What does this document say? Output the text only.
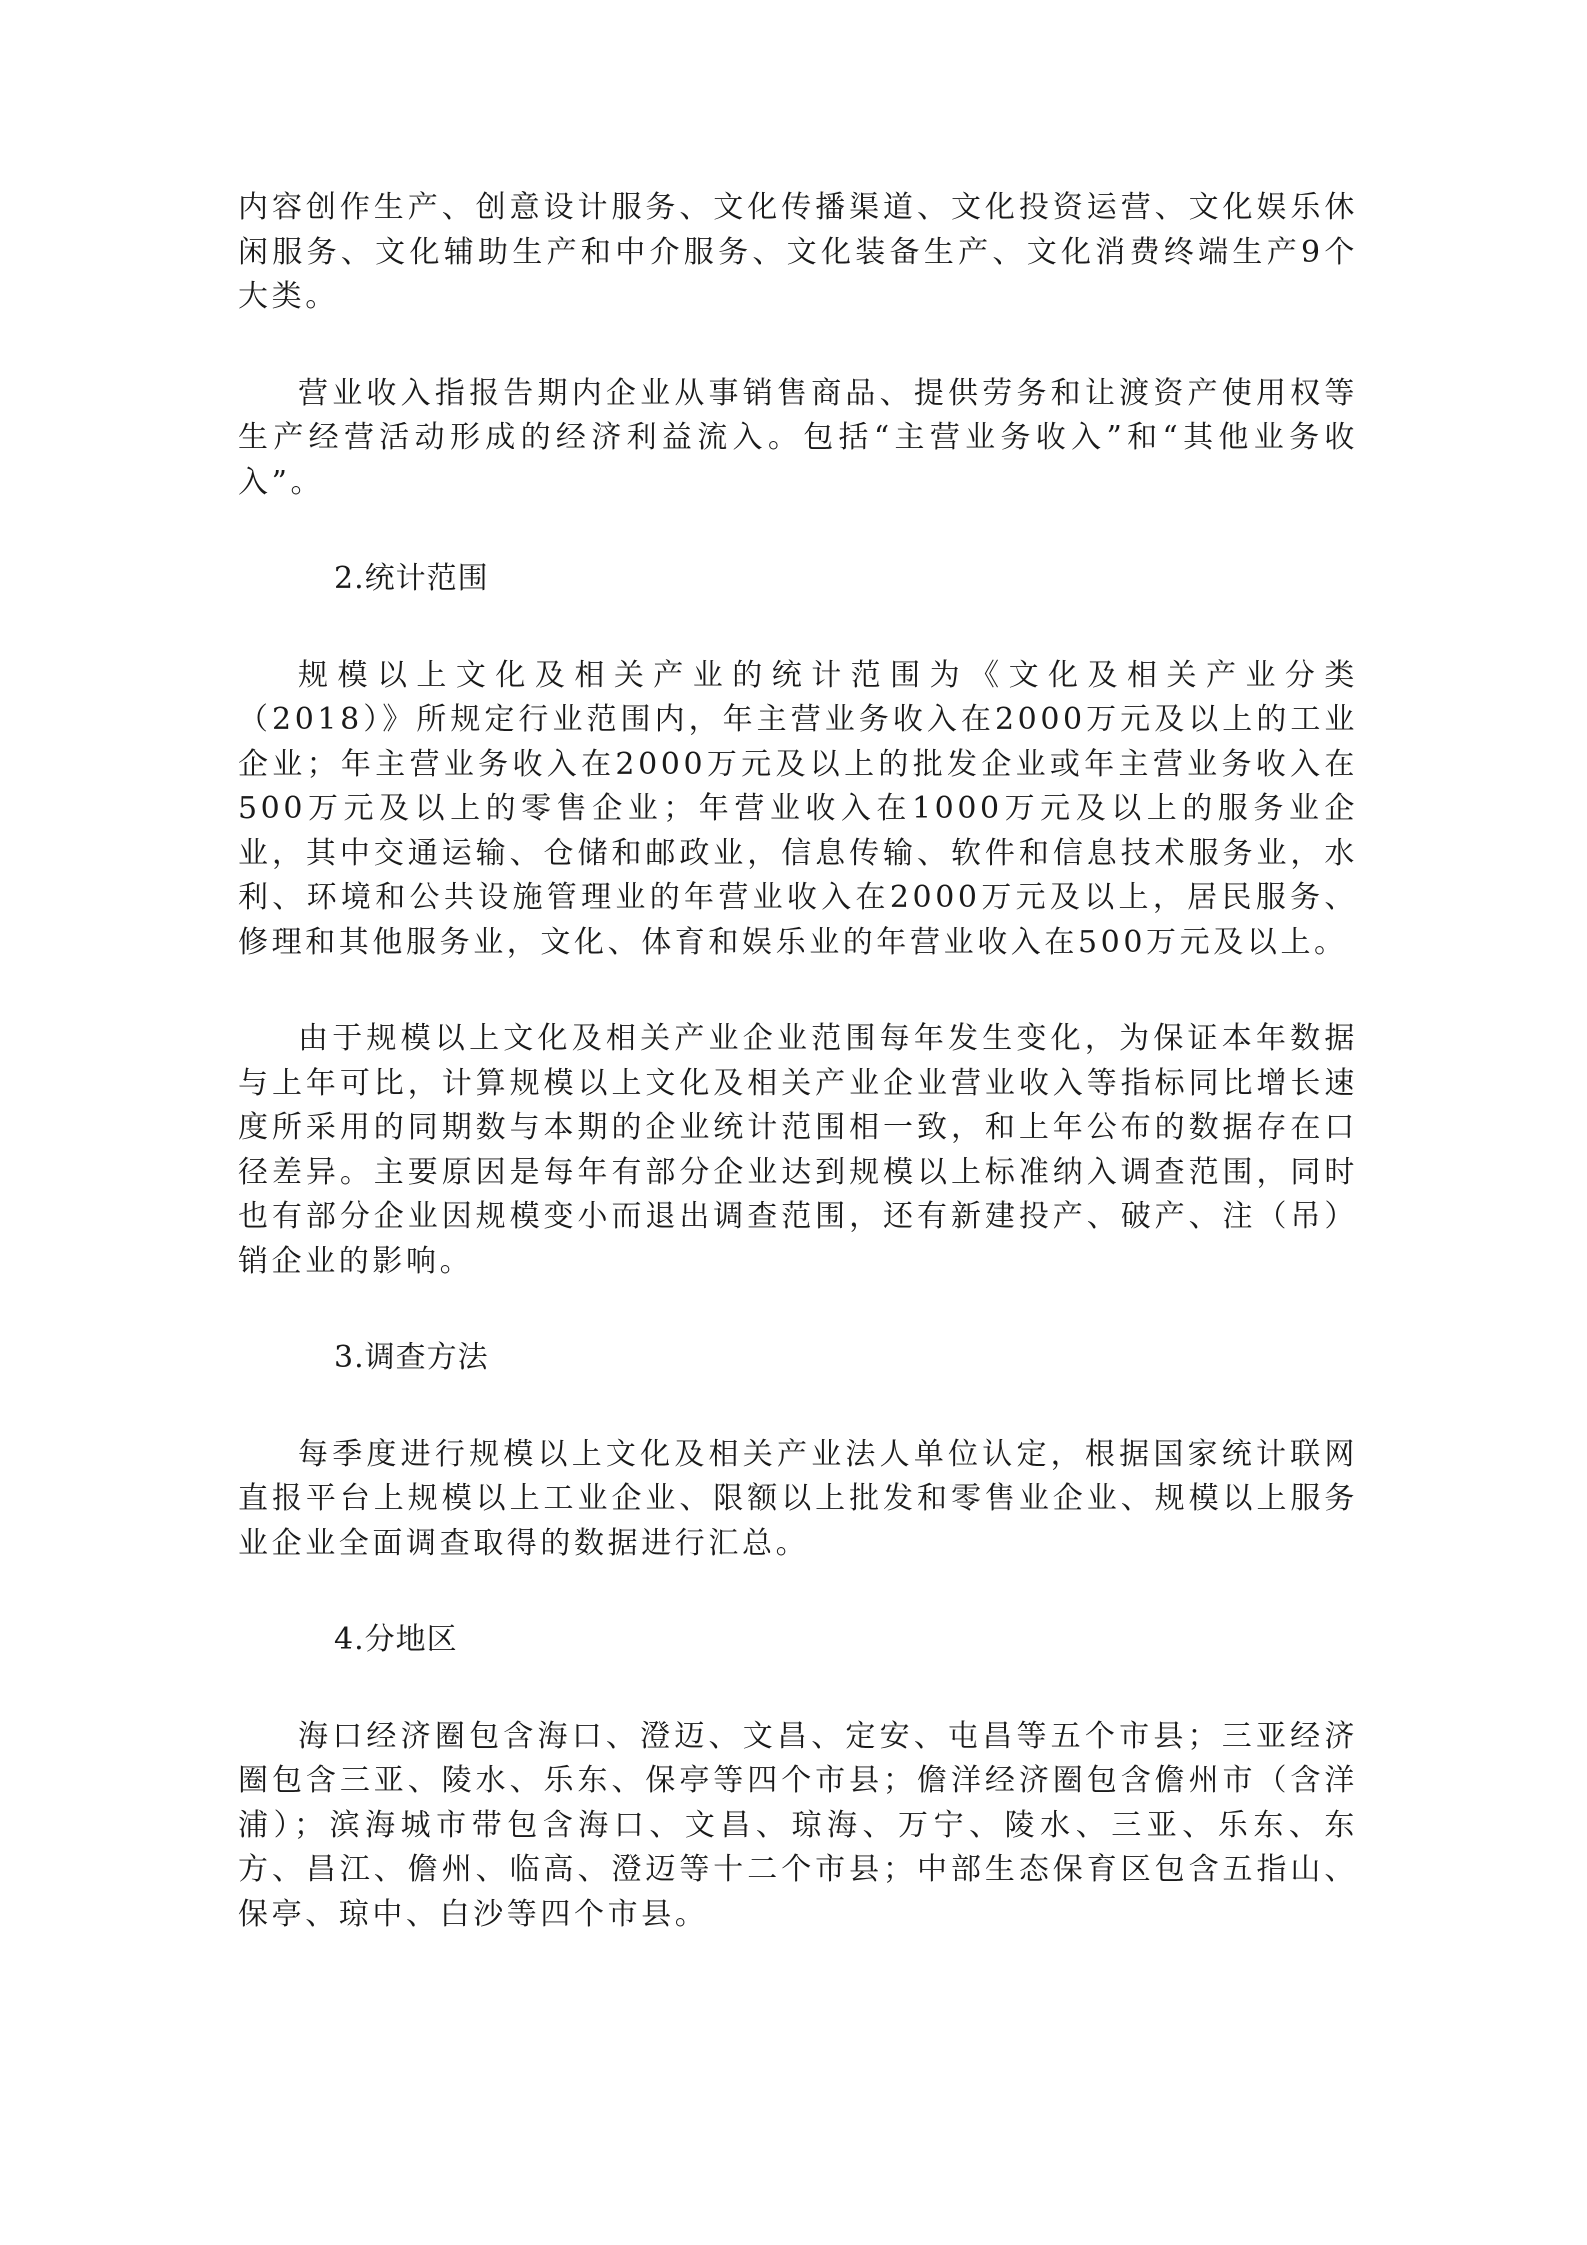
内容创作生产、创意设计服务、文化传播渠道、文化投资运营、文化娱乐休闲服务、文化辅助生产和中介服务、文化装备生产、文化消费终端生产9个大类。

营业收入指报告期内企业从事销售商品、提供劳务和让渡资产使用权等生产经营活动形成的经济利益流入。包括“主营业务收入”和“其他业务收入”。

2.统计范围

规模以上文化及相关产业的统计范围为《文化及相关产业分类（2018）》所规定行业范围内，年主营业务收入在2000万元及以上的工业企业；年主营业务收入在2000万元及以上的批发企业或年主营业务收入在500万元及以上的零售企业；年营业收入在1000万元及以上的服务业企业，其中交通运输、仓储和邮政业，信息传输、软件和信息技术服务业，水利、环境和公共设施管理业的年营业收入在2000万元及以上，居民服务、修理和其他服务业，文化、体育和娱乐业的年营业收入在500万元及以上。

由于规模以上文化及相关产业企业范围每年发生变化，为保证本年数据与上年可比，计算规模以上文化及相关产业企业营业收入等指标同比增长速度所采用的同期数与本期的企业统计范围相一致，和上年公布的数据存在口径差异。主要原因是每年有部分企业达到规模以上标准纳入调查范围，同时也有部分企业因规模变小而退出调查范围，还有新建投产、破产、注（吊）销企业的影响。

3.调查方法

每季度进行规模以上文化及相关产业法人单位认定，根据国家统计联网直报平台上规模以上工业企业、限额以上批发和零售业企业、规模以上服务业企业全面调查取得的数据进行汇总。

4.分地区

海口经济圈包含海口、澄迈、文昌、定安、屯昌等五个市县；三亚经济圈包含三亚、陵水、乐东、保亭等四个市县；儋洋经济圈包含儋州市（含洋浦）；滨海城市带包含海口、文昌、琼海、万宁、陵水、三亚、乐东、东方、昌江、儋州、临高、澄迈等十二个市县；中部生态保育区包含五指山、保亭、琼中、白沙等四个市县。
